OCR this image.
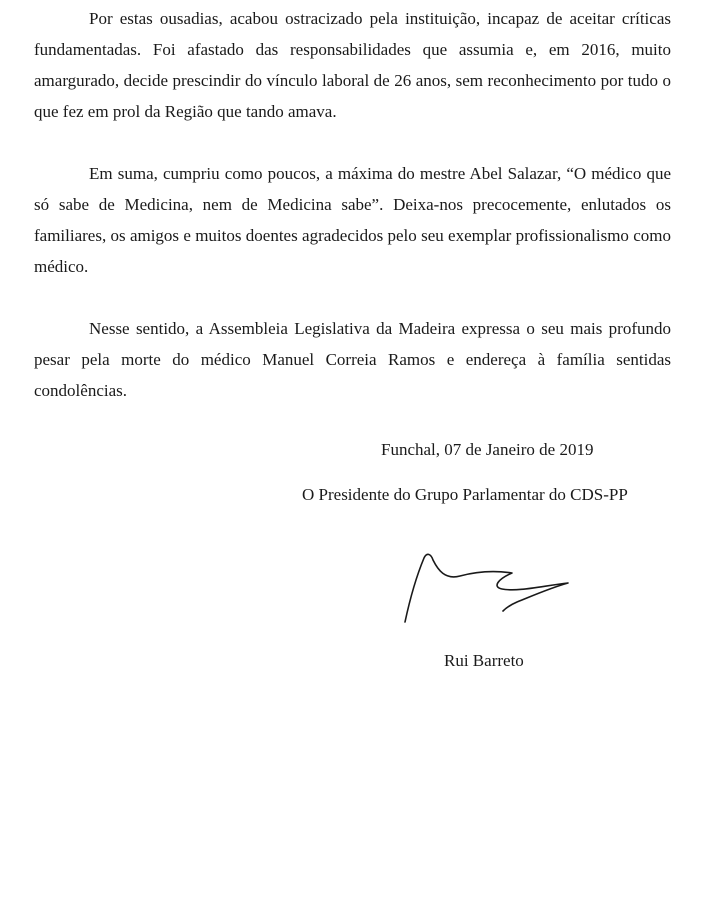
Por estas ousadias, acabou ostracizado pela instituição, incapaz de aceitar críticas fundamentadas. Foi afastado das responsabilidades que assumia e, em 2016, muito amargurado, decide prescindir do vínculo laboral de 26 anos, sem reconhecimento por tudo o que fez em prol da Região que tando amava.

Em suma, cumpriu como poucos, a máxima do mestre Abel Salazar, “O médico que só sabe de Medicina, nem de Medicina sabe”. Deixa-nos precocemente, enlutados os familiares, os amigos e muitos doentes agradecidos pelo seu exemplar profissionalismo como médico.

Nesse sentido, a Assembleia Legislativa da Madeira expressa o seu mais profundo pesar pela morte do médico Manuel Correia Ramos e endereça à família sentidas condolências.

Funchal, 07 de Janeiro de 2019
O Presidente do Grupo Parlamentar do CDS-PP
Rui Barreto
